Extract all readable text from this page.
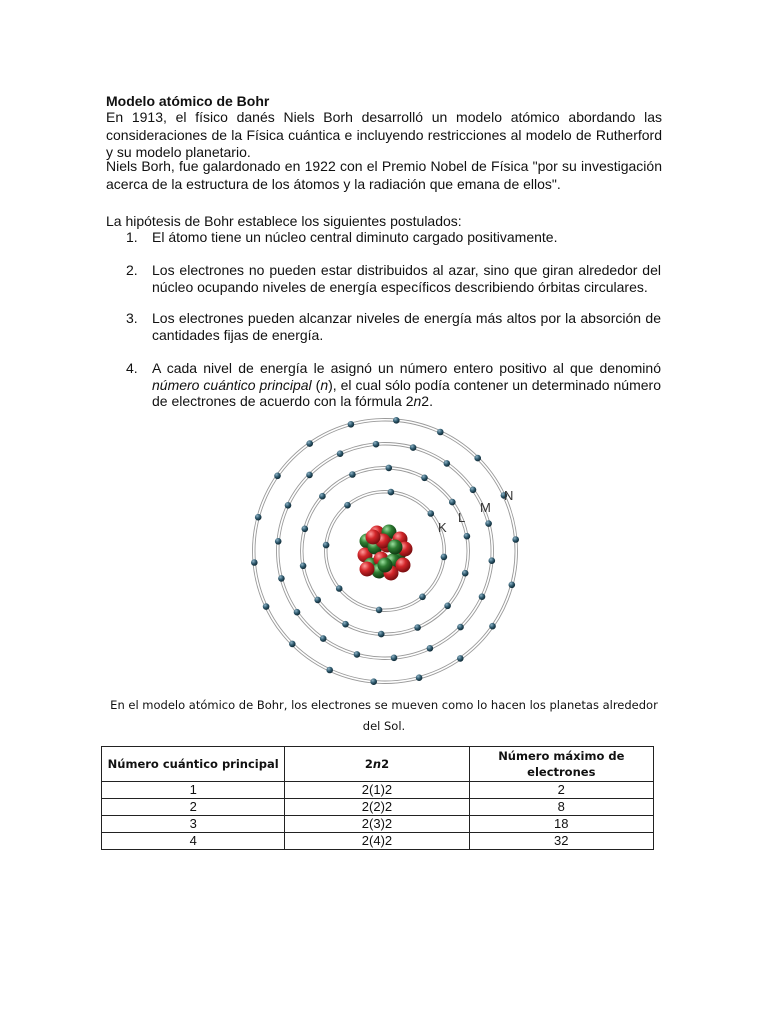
Modelo atómico de Bohr
En 1913, el físico danés Niels Borh desarrolló un modelo atómico abordando las consideraciones de la Física cuántica e incluyendo restricciones al modelo de Rutherford y su modelo planetario.
Niels Borh, fue galardonado en 1922 con el Premio Nobel de Física "por su investigación acerca de la estructura de los átomos y la radiación que emana de ellos".
La hipótesis de Bohr establece los siguientes postulados:
1. El átomo tiene un núcleo central diminuto cargado positivamente.
2. Los electrones no pueden estar distribuidos al azar, sino que giran alrededor del núcleo ocupando niveles de energía específicos describiendo órbitas circulares.
3. Los electrones pueden alcanzar niveles de energía más altos por la absorción de cantidades fijas de energía.
4. A cada nivel de energía le asignó un número entero positivo al que denominó número cuántico principal (n), el cual sólo podía contener un determinado número de electrones de acuerdo con la fórmula 2n2.
K
L
M
N
En el modelo atómico de Bohr, los electrones se mueven como lo hacen los planetas alrededor del Sol.
Número cuántico principal	2n2	Número máximo de electrones
1	2(1)2	2
2	2(2)2	8
3	2(3)2	18
4	2(4)2	32
